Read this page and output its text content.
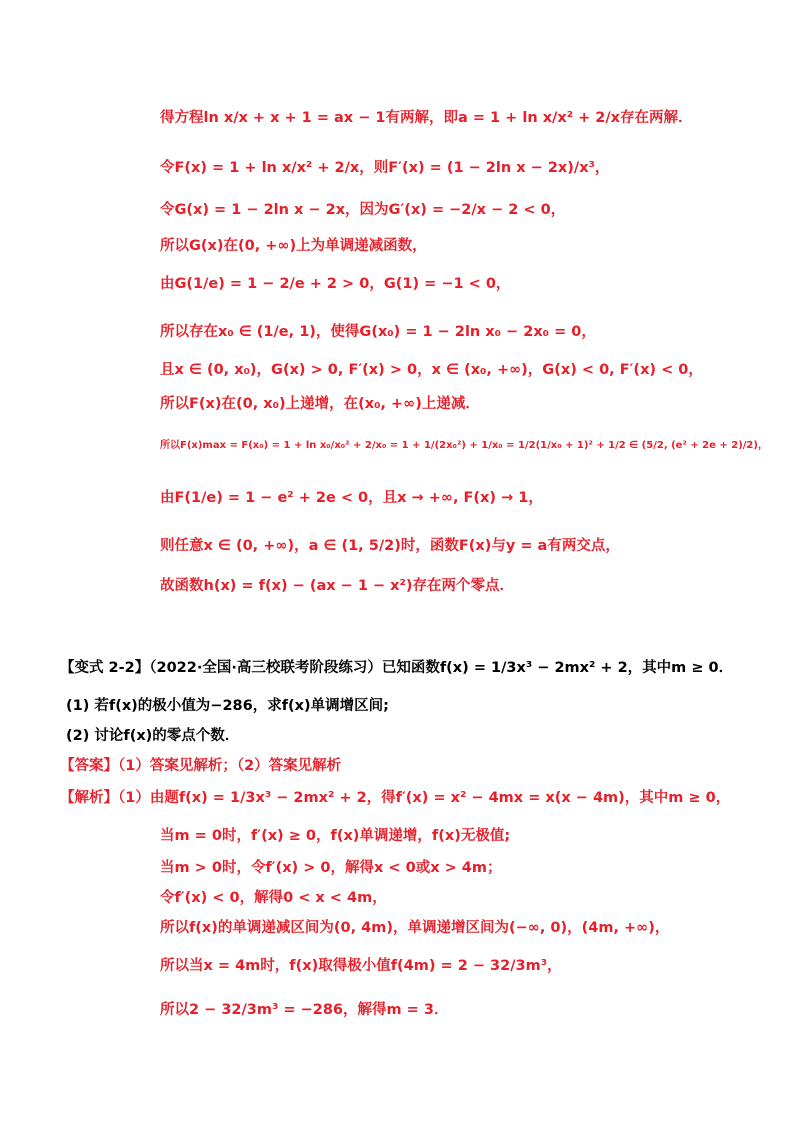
得方程ln x/x + x + 1 = ax − 1有两解，即a = 1 + ln x/x² + 2/x存在两解．
令F(x) = 1 + ln x/x² + 2/x，则F′(x) = (1 − 2ln x − 2x)/x³，
令G(x) = 1 − 2ln x − 2x，因为G′(x) = −2/x − 2 < 0，
所以G(x)在(0, +∞)上为单调递减函数，
由G(1/e) = 1 − 2/e + 2 > 0，G(1) = −1 < 0，
所以存在x₀ ∈ (1/e, 1)，使得G(x₀) = 1 − 2ln x₀ − 2x₀ = 0，
且x ∈ (0, x₀)，G(x) > 0, F′(x) > 0，x ∈ (x₀, +∞)，G(x) < 0, F′(x) < 0，
所以F(x)在(0, x₀)上递增，在(x₀, +∞)上递减．
所以F(x)max = F(x₀) = 1 + ln x₀/x₀² + 2/x₀ = 1 + 1/(2x₀²) + 1/x₀ = 1/2(1/x₀ + 1)² + 1/2 ∈ (5/2, (e² + 2e + 2)/2)，
由F(1/e) = 1 − e² + 2e < 0，且x → +∞, F(x) → 1，
则任意x ∈ (0, +∞)，a ∈ (1, 5/2)时，函数F(x)与y = a有两交点，
故函数h(x) = f(x) − (ax − 1 − x²)存在两个零点．
【变式 2-2】（2022·全国·高三校联考阶段练习）已知函数f(x) = 1/3x³ − 2mx² + 2，其中m ≥ 0．
(1) 若f(x)的极小值为−286，求f(x)单调增区间;
(2) 讨论f(x)的零点个数．
【答案】（1）答案见解析；（2）答案见解析
【解析】（1）由题f(x) = 1/3x³ − 2mx² + 2，得f′(x) = x² − 4mx = x(x − 4m)，其中m ≥ 0，
当m = 0时，f′(x) ≥ 0，f(x)单调递增，f(x)无极值;
当m > 0时，令f′(x) > 0，解得x < 0或x > 4m；
令f′(x) < 0，解得0 < x < 4m，
所以f(x)的单调递减区间为(0, 4m)，单调递增区间为(−∞, 0)，(4m, +∞)，
所以当x = 4m时，f(x)取得极小值f(4m) = 2 − 32/3m³，
所以2 − 32/3m³ = −286，解得m = 3．
